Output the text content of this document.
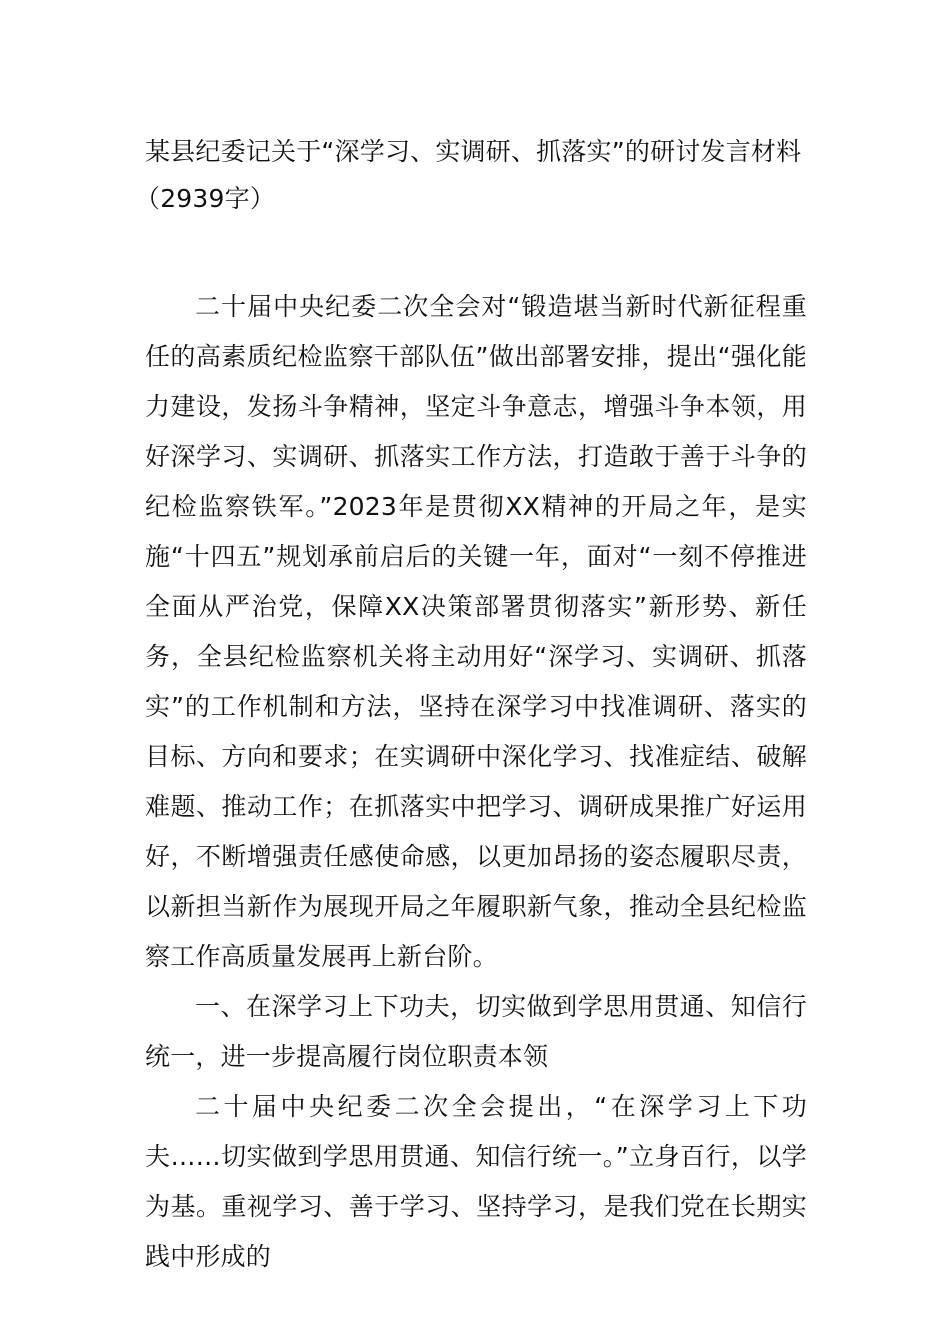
某县纪委记关于“深学习、实调研、抓落实”的研讨发言材料
（2939字）

二十届中央纪委二次全会对“锻造堪当新时代新征程重任的高素质纪检监察干部队伍”做出部署安排，提出“强化能力建设，发扬斗争精神，坚定斗争意志，增强斗争本领，用好深学习、实调研、抓落实工作方法，打造敢于善于斗争的纪检监察铁军。”2023年是贯彻XX精神的开局之年，是实施“十四五”规划承前启后的关键一年，面对“一刻不停推进全面从严治党，保障XX决策部署贯彻落实”新形势、新任务，全县纪检监察机关将主动用好“深学习、实调研、抓落实”的工作机制和方法，坚持在深学习中找准调研、落实的目标、方向和要求；在实调研中深化学习、找准症结、破解难题、推动工作；在抓落实中把学习、调研成果推广好运用好，不断增强责任感使命感，以更加昂扬的姿态履职尽责，以新担当新作为展现开局之年履职新气象，推动全县纪检监察工作高质量发展再上新台阶。

一、在深学习上下功夫，切实做到学思用贯通、知信行统一，进一步提高履行岗位职责本领

二十届中央纪委二次全会提出，“在深学习上下功夫……切实做到学思用贯通、知信行统一。”立身百行，以学为基。重视学习、善于学习、坚持学习，是我们党在长期实践中形成的
